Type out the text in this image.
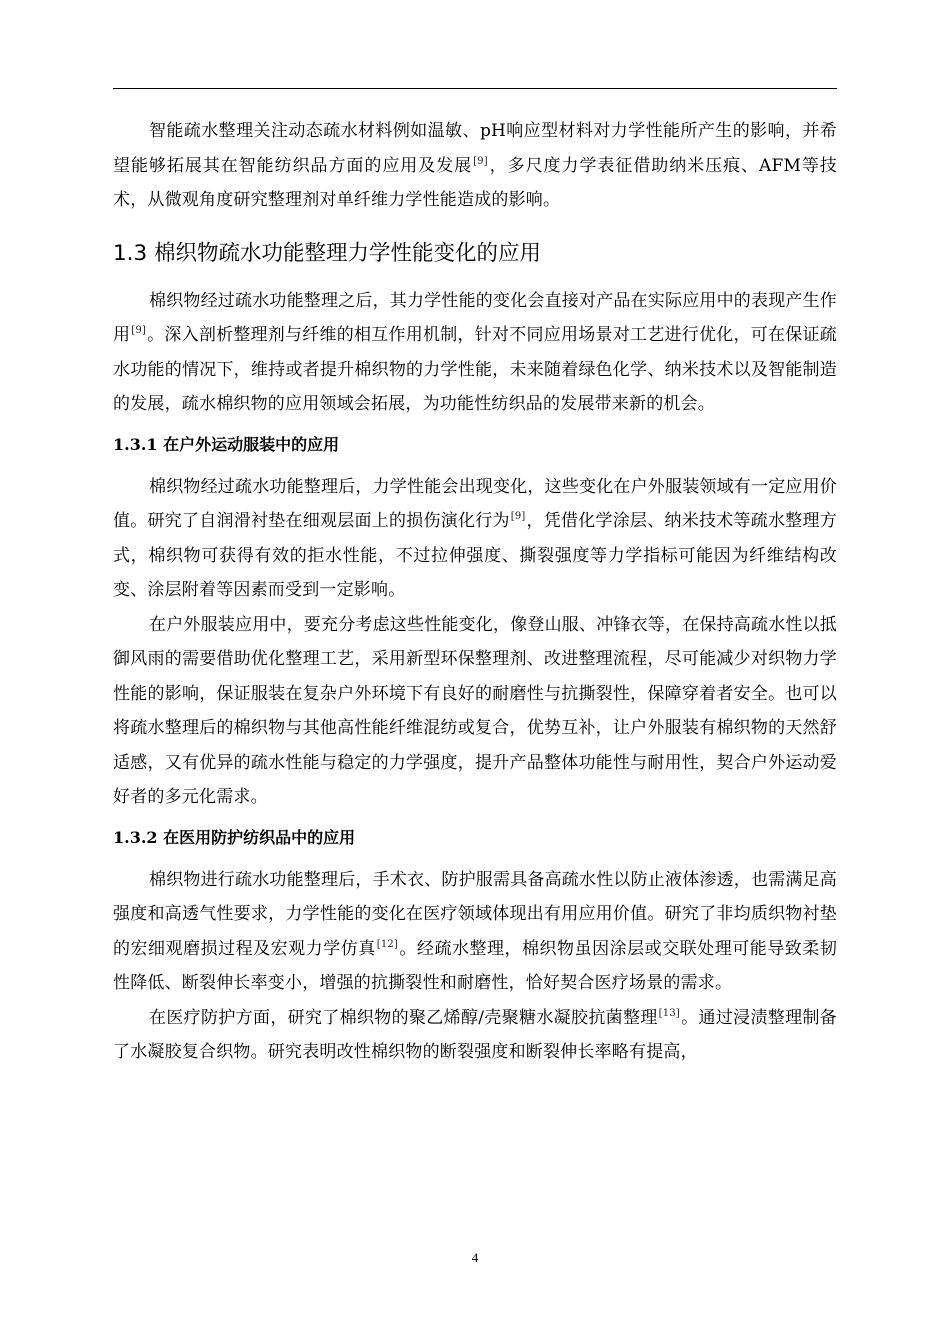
智能疏水整理关注动态疏水材料例如温敏、pH响应型材料对力学性能所产生的影响，并希望能够拓展其在智能纺织品方面的应用及发展[9]，多尺度力学表征借助纳米压痕、AFM等技术，从微观角度研究整理剂对单纤维力学性能造成的影响。

1.3 棉织物疏水功能整理力学性能变化的应用

棉织物经过疏水功能整理之后，其力学性能的变化会直接对产品在实际应用中的表现产生作用[9]。深入剖析整理剂与纤维的相互作用机制，针对不同应用场景对工艺进行优化，可在保证疏水功能的情况下，维持或者提升棉织物的力学性能，未来随着绿色化学、纳米技术以及智能制造的发展，疏水棉织物的应用领域会拓展，为功能性纺织品的发展带来新的机会。

1.3.1 在户外运动服装中的应用

棉织物经过疏水功能整理后，力学性能会出现变化，这些变化在户外服装领域有一定应用价值。研究了自润滑衬垫在细观层面上的损伤演化行为[9]，凭借化学涂层、纳米技术等疏水整理方式，棉织物可获得有效的拒水性能，不过拉伸强度、撕裂强度等力学指标可能因为纤维结构改变、涂层附着等因素而受到一定影响。

在户外服装应用中，要充分考虑这些性能变化，像登山服、冲锋衣等，在保持高疏水性以抵御风雨的需要借助优化整理工艺，采用新型环保整理剂、改进整理流程，尽可能减少对织物力学性能的影响，保证服装在复杂户外环境下有良好的耐磨性与抗撕裂性，保障穿着者安全。也可以将疏水整理后的棉织物与其他高性能纤维混纺或复合，优势互补，让户外服装有棉织物的天然舒适感，又有优异的疏水性能与稳定的力学强度，提升产品整体功能性与耐用性，契合户外运动爱好者的多元化需求。

1.3.2 在医用防护纺织品中的应用

棉织物进行疏水功能整理后，手术衣、防护服需具备高疏水性以防止液体渗透，也需满足高强度和高透气性要求，力学性能的变化在医疗领域体现出有用应用价值。研究了非均质织物衬垫的宏细观磨损过程及宏观力学仿真[12]。经疏水整理，棉织物虽因涂层或交联处理可能导致柔韧性降低、断裂伸长率变小，增强的抗撕裂性和耐磨性，恰好契合医疗场景的需求。

在医疗防护方面，研究了棉织物的聚乙烯醇/壳聚糖水凝胶抗菌整理[13]。通过浸渍整理制备了水凝胶复合织物。研究表明改性棉织物的断裂强度和断裂伸长率略有提高，

4
